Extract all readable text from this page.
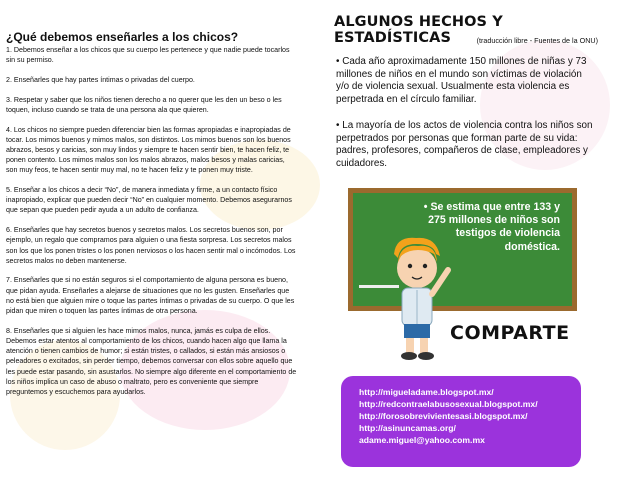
¿Qué debemos enseñarles a los chicos?

1. Debemos enseñar a los chicos que su cuerpo les pertenece y que nadie puede tocarlos sin su permiso.

2. Enseñarles que hay partes íntimas o privadas del cuerpo.

3. Respetar y saber que los niños tienen derecho a no querer que les den un beso o les toquen, incluso cuando se trata de una persona ala que quieren.

4. Los chicos no siempre pueden diferenciar bien las formas apropiadas e inapropiadas de tocar. Los mimos buenos y mimos malos, son distintos. Los mimos buenos son los buenos abrazos, besos y caricias, son muy lindos y siempre te hacen sentir bien, te hacen feliz, te ponen contento. Los mimos malos son los malos abrazos, malos besos y malas caricias, son muy feos, te hacen sentir muy mal, no te hacen feliz y te ponen muy triste.

5. Enseñar a los chicos a decir “No”, de manera inmediata y firme, a un contacto físico inapropiado, explicar que pueden decir “No” en cualquier momento. Debemos asegurarnos que sepan que pueden pedir ayuda a un adulto de confianza.

6. Enseñarles que hay secretos buenos y secretos malos. Los secretos buenos son, por ejemplo, un regalo que compramos para alguien o una fiesta sorpresa. Los secretos malos son los que los ponen tristes o los ponen nerviosos o los hacen sentir mal o incómodos. Los secretos malos no deben mantenerse.

7. Enseñarles que si no están seguros si el comportamiento de alguna persona es bueno, que pidan ayuda. Enseñarles a alejarse de situaciones que no les gusten. Enseñarles que no está bien que alguien mire o toque las partes íntimas o privadas de su cuerpo. O que les pidan que miren o toquen las partes íntimas de otra persona.

8. Enseñarles que si alguien les hace mimos malos, nunca, jamás es culpa de ellos. Debemos estar atentos al comportamiento de los chicos, cuando hacen algo que llama la atención o tienen cambios de humor; si están tristes, o callados, si están más ansiosos o peleadores o excitados, sin perder tiempo, debemos conversar con ellos sobre aquello que les puede estar pasando, sin asustarlos. No siempre algo diferente en el comportamiento de los niños implica un caso de abuso o maltrato, pero es conveniente que siempre preguntemos y escuchemos para ayudarlos.

ALGUNOS HECHOS Y ESTADÍSTICAS	(traducción libre - Fuentes de la ONU)
• Cada año aproximadamente 150 millones de niñas y 73 millones de niños en el mundo son víctimas de violación y/o de violencia sexual. Usualmente esta violencia es perpetrada en el círculo familiar.
• La mayoría de los actos de violencia contra los niños son perpetrados por personas que forman parte de su vida: padres, profesores, compañeros de clase, empleadores y cuidadores.
• Se estima que entre 133 y 275 millones de niños son testigos de violencia doméstica.
COMPARTE
http://migueladame.blogspot.mx/
http://redcontraelabusosexual.blogspot.mx/
http://forosobrevivientesasi.blogspot.mx/
http://asinuncamas.org/
adame.miguel@yahoo.com.mx
